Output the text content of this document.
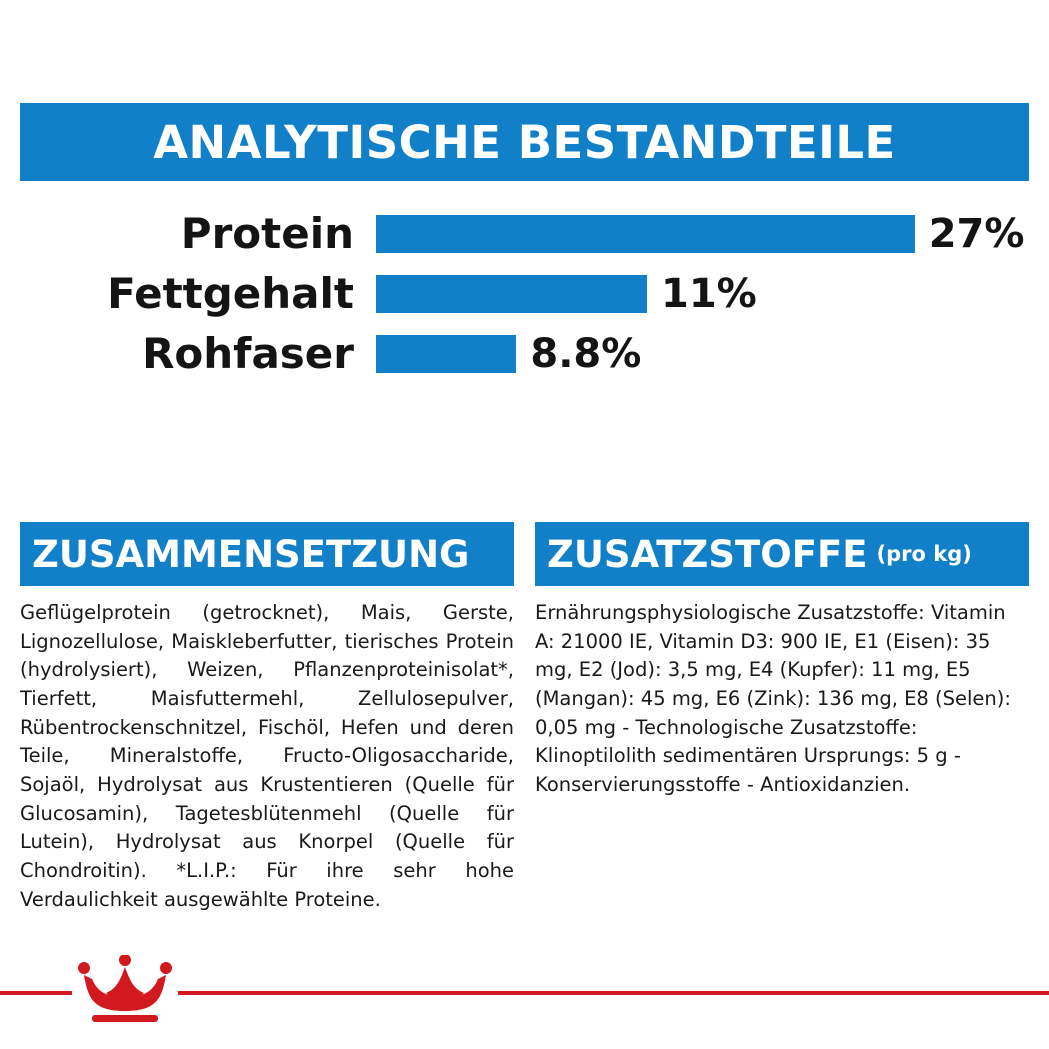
ANALYTISCHE BESTANDTEILE
Protein	27%
Fettgehalt	11%
Rohfaser	8.8%
ZUSAMMENSETZUNG
Geflügelprotein (getrocknet), Mais, Gerste, Lignozellulose, Maiskleberfutter, tierisches Protein (hydrolysiert), Weizen, Pflanzenproteinisolat*, Tierfett, Maisfuttermehl, Zellulosepulver, Rübentrockenschnitzel, Fischöl, Hefen und deren Teile, Mineralstoffe, Fructo-Oligosaccharide, Sojaöl, Hydrolysat aus Krustentieren (Quelle für Glucosamin), Tagetesblütenmehl (Quelle für Lutein), Hydrolysat aus Knorpel (Quelle für Chondroitin). *L.I.P.: Für ihre sehr hohe Verdaulichkeit ausgewählte Proteine.
ZUSATZSTOFFE (pro kg)
Ernährungsphysiologische Zusatzstoffe: Vitamin A: 21000 IE, Vitamin D3: 900 IE, E1 (Eisen): 35 mg, E2 (Jod): 3,5 mg, E4 (Kupfer): 11 mg, E5 (Mangan): 45 mg, E6 (Zink): 136 mg, E8 (Selen): 0,05 mg - Technologische Zusatzstoffe: Klinoptilolith sedimentären Ursprungs: 5 g - Konservierungsstoffe - Antioxidanzien.
